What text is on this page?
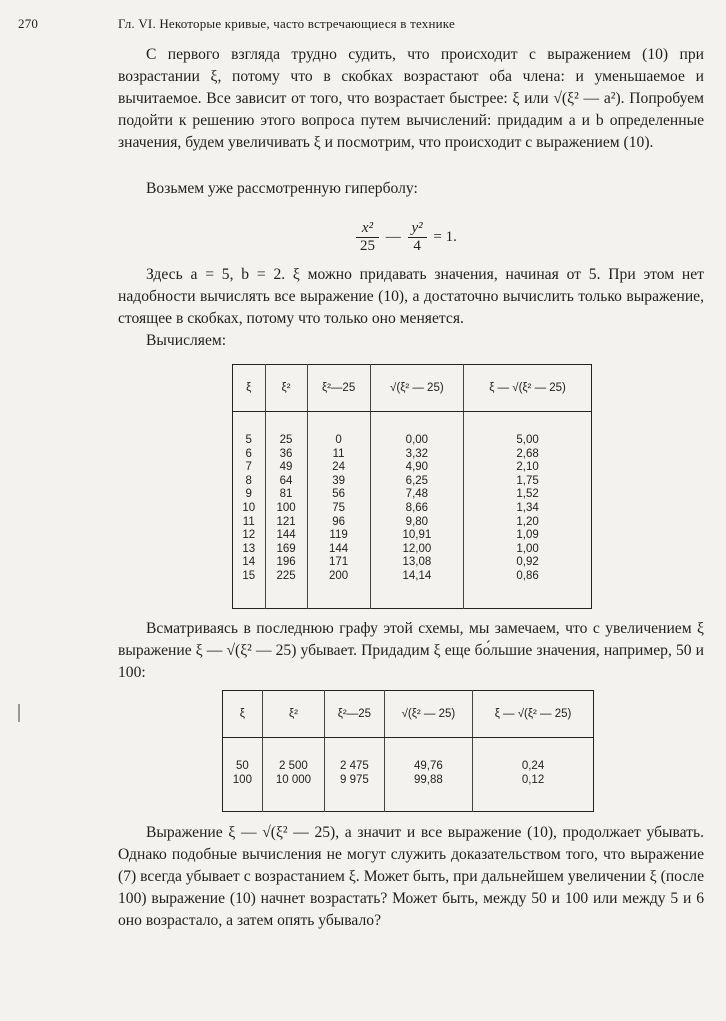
270	Гл. VI. Некоторые кривые, часто встречающиеся в технике

С первого взгляда трудно судить, что происходит с выражением (10) при возрастании ξ, потому что в скобках возрастают оба члена: и уменьшаемое и вычитаемое. Все зависит от того, что возрастает быстрее: ξ или √(ξ² — a²). Попробуем подойти к решению этого вопроса путем вычислений: придадим a и b определенные значения, будем увеличивать ξ и посмотрим, что происходит с выражением (10).

Возьмем уже рассмотренную гиперболу:

$\frac{\text{x²}}{25}$ — $\frac{\text{y²}}{4} = 1$.

Здесь a = 5, b = 2. ξ можно придавать значения, начиная от 5. При этом нет надобности вычислять все выражение (10), а достаточно вычислить только выражение, стоящее в скобках, потому что только оно меняется.

Вычисляем:

ξ	ξ²	ξ²—25	√(ξ² — 25)	ξ — √(ξ² — 25)

5	25	0	0,00	5,00
6	36	11	3,32	2,68
7	49	24	4,90	2,10
8	64	39	6,25	1,75
9	81	56	7,48	1,52
10	100	75	8,66	1,34
11	121	96	9,80	1,20
12	144	119	10,91	1,09
13	169	144	12,00	1,00
14	196	171	13,08	0,92
15	225	200	14,14	0,86

Всматриваясь в последнюю графу этой схемы, мы замечаем, что с увеличением ξ выражение ξ — √(ξ² — 25) убывает. Придадим ξ еще бо́льшие значения, например, 50 и 100:

ξ	ξ²	ξ²—25	√(ξ² — 25)	ξ — √(ξ² — 25)

50	2 500	2 475	49,76	0,24
100	10 000	9 975	99,88	0,12

Выражение ξ — √(ξ² — 25), а значит и все выражение (10), продолжает убывать. Однако подобные вычисления не могут служить доказательством того, что выражение (7) всегда убывает с возрастанием ξ. Может быть, при дальнейшем увеличении ξ (после 100) выражение (10) начнет возрастать? Может быть, между 50 и 100 или между 5 и 6 оно возрастало, а затем опять убывало?
